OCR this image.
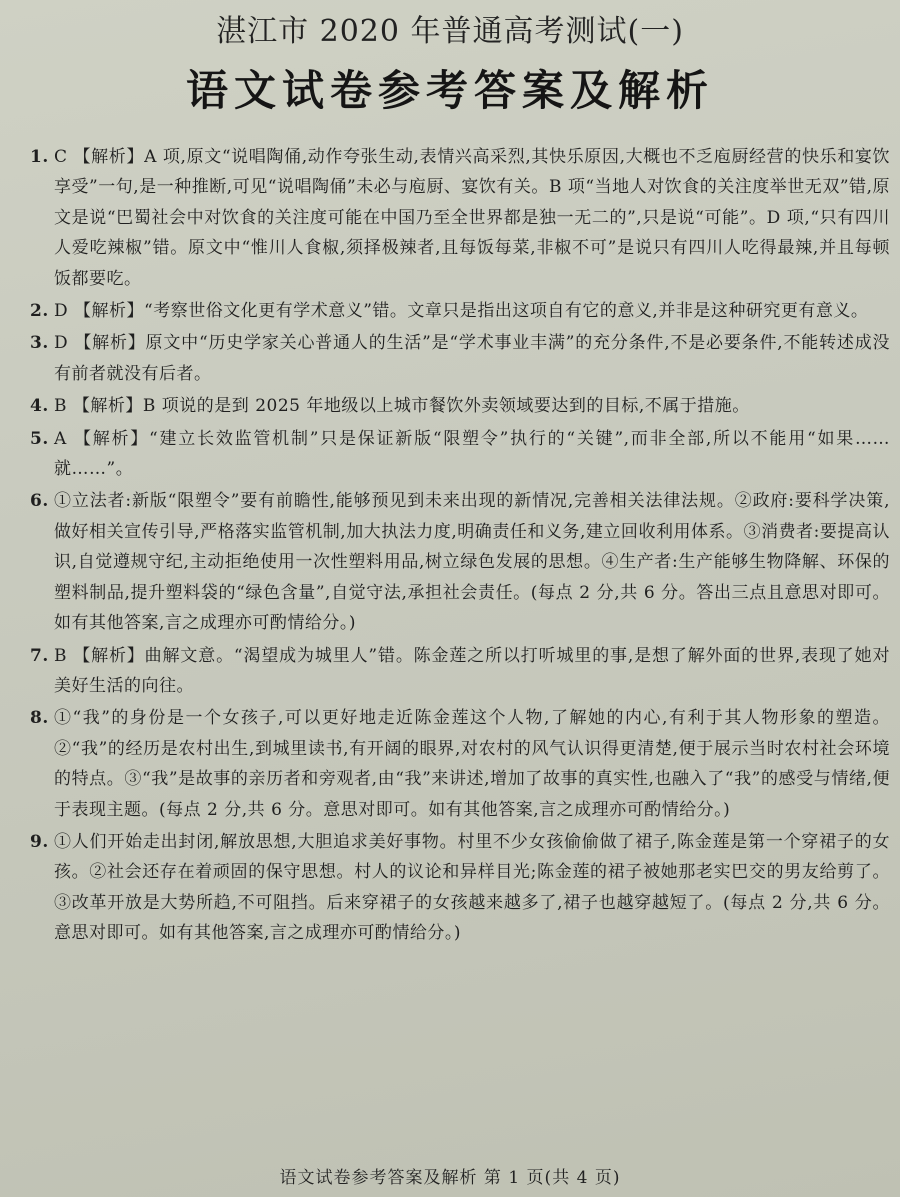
湛江市 2020 年普通高考测试(一)
语文试卷参考答案及解析
1. C 【解析】A 项,原文“说唱陶俑,动作夸张生动,表情兴高采烈,其快乐原因,大概也不乏庖厨经营的快乐和宴饮享受”一句,是一种推断,可见“说唱陶俑”未必与庖厨、宴饮有关。B 项“当地人对饮食的关注度举世无双”错,原文是说“巴蜀社会中对饮食的关注度可能在中国乃至全世界都是独一无二的”,只是说“可能”。D 项,“只有四川人爱吃辣椒”错。原文中“惟川人食椒,须择极辣者,且每饭每菜,非椒不可”是说只有四川人吃得最辣,并且每顿饭都要吃。
2. D 【解析】“考察世俗文化更有学术意义”错。文章只是指出这项自有它的意义,并非是这种研究更有意义。
3. D 【解析】原文中“历史学家关心普通人的生活”是“学术事业丰满”的充分条件,不是必要条件,不能转述成没有前者就没有后者。
4. B 【解析】B 项说的是到 2025 年地级以上城市餐饮外卖领域要达到的目标,不属于措施。
5. A 【解析】“建立长效监管机制”只是保证新版“限塑令”执行的“关键”,而非全部,所以不能用“如果……就……”。
6. ①立法者:新版“限塑令”要有前瞻性,能够预见到未来出现的新情况,完善相关法律法规。②政府:要科学决策,做好相关宣传引导,严格落实监管机制,加大执法力度,明确责任和义务,建立回收利用体系。③消费者:要提高认识,自觉遵规守纪,主动拒绝使用一次性塑料用品,树立绿色发展的思想。④生产者:生产能够生物降解、环保的塑料制品,提升塑料袋的“绿色含量”,自觉守法,承担社会责任。(每点 2 分,共 6 分。答出三点且意思对即可。如有其他答案,言之成理亦可酌情给分。)
7. B 【解析】曲解文意。“渴望成为城里人”错。陈金莲之所以打听城里的事,是想了解外面的世界,表现了她对美好生活的向往。
8. ①“我”的身份是一个女孩子,可以更好地走近陈金莲这个人物,了解她的内心,有利于其人物形象的塑造。②“我”的经历是农村出生,到城里读书,有开阔的眼界,对农村的风气认识得更清楚,便于展示当时农村社会环境的特点。③“我”是故事的亲历者和旁观者,由“我”来讲述,增加了故事的真实性,也融入了“我”的感受与情绪,便于表现主题。(每点 2 分,共 6 分。意思对即可。如有其他答案,言之成理亦可酌情给分。)
9. ①人们开始走出封闭,解放思想,大胆追求美好事物。村里不少女孩偷偷做了裙子,陈金莲是第一个穿裙子的女孩。②社会还存在着顽固的保守思想。村人的议论和异样目光;陈金莲的裙子被她那老实巴交的男友给剪了。③改革开放是大势所趋,不可阻挡。后来穿裙子的女孩越来越多了,裙子也越穿越短了。(每点 2 分,共 6 分。意思对即可。如有其他答案,言之成理亦可酌情给分。)
语文试卷参考答案及解析 第 1 页(共 4 页)
